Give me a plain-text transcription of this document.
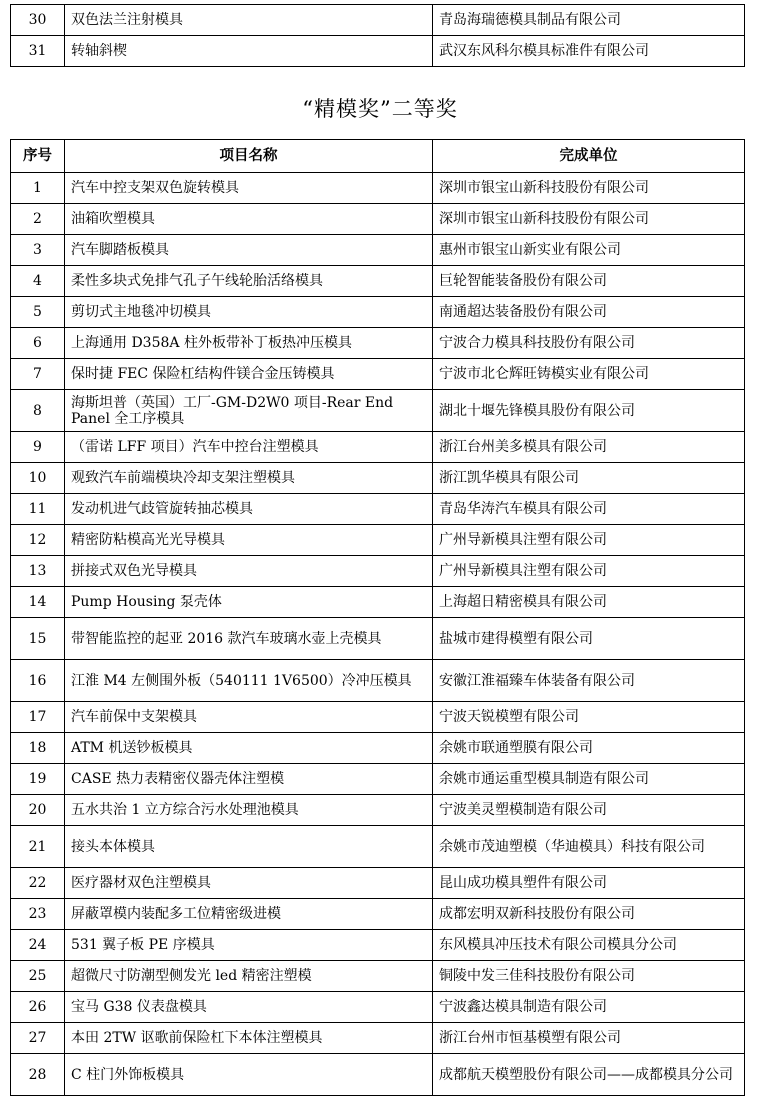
30	双色法兰注射模具	青岛海瑞德模具制品有限公司
31	转轴斜楔	武汉东风科尔模具标准件有限公司
“精模奖”二等奖
序号	项目名称	完成单位
1	汽车中控支架双色旋转模具	深圳市银宝山新科技股份有限公司
2	油箱吹塑模具	深圳市银宝山新科技股份有限公司
3	汽车脚踏板模具	惠州市银宝山新实业有限公司
4	柔性多块式免排气孔子午线轮胎活络模具	巨轮智能装备股份有限公司
5	剪切式主地毯冲切模具	南通超达装备股份有限公司
6	上海通用 D358A 柱外板带补丁板热冲压模具	宁波合力模具科技股份有限公司
7	保时捷 FEC 保险杠结构件镁合金压铸模具	宁波市北仑辉旺铸模实业有限公司
8	海斯坦普（英国）工厂-GM-D2W0 项目-Rear End Panel 全工序模具	湖北十堰先锋模具股份有限公司
9	（雷诺 LFF 项目）汽车中控台注塑模具	浙江台州美多模具有限公司
10	观致汽车前端模块冷却支架注塑模具	浙江凯华模具有限公司
11	发动机进气歧管旋转抽芯模具	青岛华涛汽车模具有限公司
12	精密防粘模高光光导模具	广州导新模具注塑有限公司
13	拼接式双色光导模具	广州导新模具注塑有限公司
14	Pump Housing 泵壳体	上海超日精密模具有限公司
15	带智能监控的起亚 2016 款汽车玻璃水壶上壳模具	盐城市建得模塑有限公司
16	江淮 M4 左侧围外板（540111 1V6500）冷冲压模具	安徽江淮福臻车体装备有限公司
17	汽车前保中支架模具	宁波天锐模塑有限公司
18	ATM 机送钞板模具	余姚市联通塑膜有限公司
19	CASE 热力表精密仪器壳体注塑模	余姚市通运重型模具制造有限公司
20	五水共治 1 立方综合污水处理池模具	宁波美灵塑模制造有限公司
21	接头本体模具	余姚市茂迪塑模（华迪模具）科技有限公司
22	医疗器材双色注塑模具	昆山成功模具塑件有限公司
23	屏蔽罩模内装配多工位精密级进模	成都宏明双新科技股份有限公司
24	531 翼子板 PE 序模具	东风模具冲压技术有限公司模具分公司
25	超微尺寸防潮型侧发光 led 精密注塑模	铜陵中发三佳科技股份有限公司
26	宝马 G38 仪表盘模具	宁波鑫达模具制造有限公司
27	本田 2TW 讴歌前保险杠下本体注塑模具	浙江台州市恒基模塑有限公司
28	C 柱门外饰板模具	成都航天模塑股份有限公司——成都模具分公司
